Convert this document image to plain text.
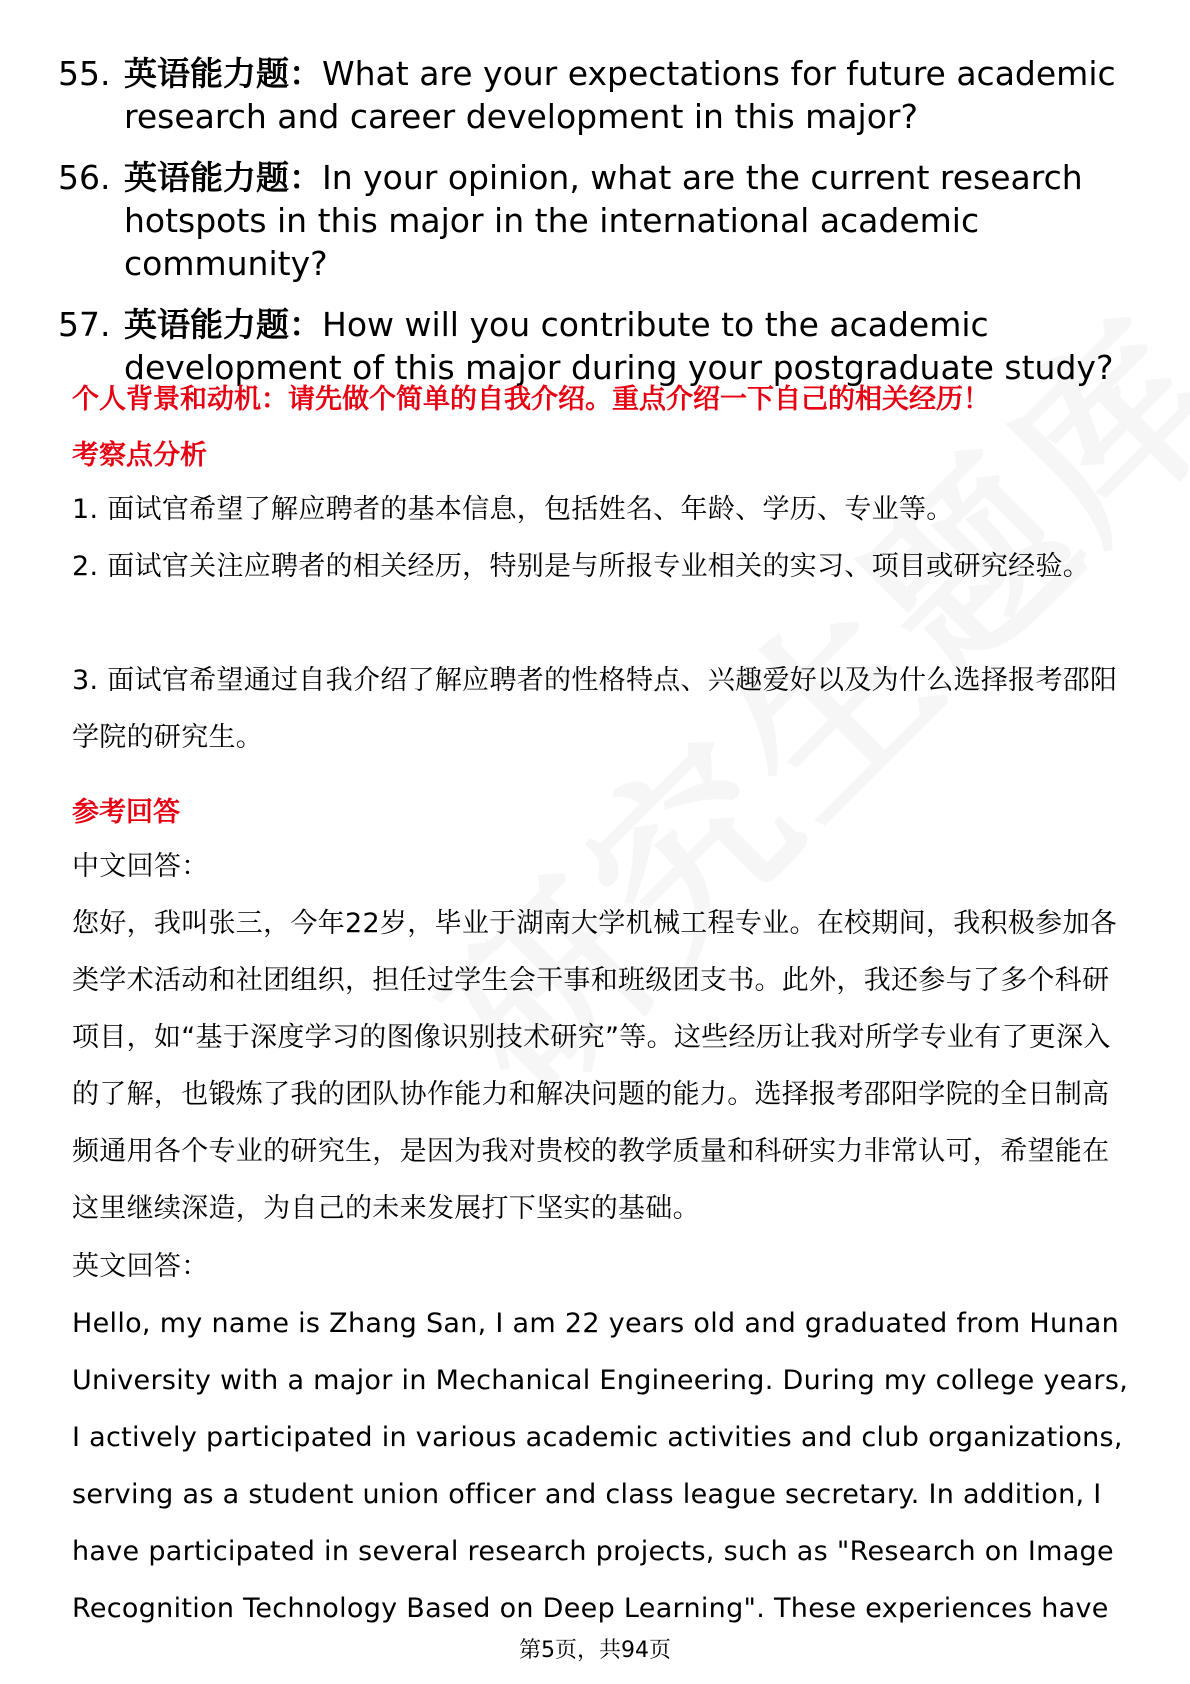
55. 英语能力题：What are your expectations for future academic research and career development in this major?
56. 英语能力题：In your opinion, what are the current research hotspots in this major in the international academic community?
57. 英语能力题：How will you contribute to the academic development of this major during your postgraduate study?
个人背景和动机：请先做个简单的自我介绍。重点介绍一下自己的相关经历！
考察点分析
1. 面试官希望了解应聘者的基本信息，包括姓名、年龄、学历、专业等。
2. 面试官关注应聘者的相关经历，特别是与所报专业相关的实习、项目或研究经验。
3. 面试官希望通过自我介绍了解应聘者的性格特点、兴趣爱好以及为什么选择报考邵阳学院的研究生。
参考回答
中文回答：
您好，我叫张三，今年22岁，毕业于湖南大学机械工程专业。在校期间，我积极参加各类学术活动和社团组织，担任过学生会干事和班级团支书。此外，我还参与了多个科研项目，如“基于深度学习的图像识别技术研究”等。这些经历让我对所学专业有了更深入的了解，也锻炼了我的团队协作能力和解决问题的能力。选择报考邵阳学院的全日制高频通用各个专业的研究生，是因为我对贵校的教学质量和科研实力非常认可，希望能在这里继续深造，为自己的未来发展打下坚实的基础。
英文回答：
Hello, my name is Zhang San, I am 22 years old and graduated from Hunan University with a major in Mechanical Engineering. During my college years, I actively participated in various academic activities and club organizations, serving as a student union officer and class league secretary. In addition, I have participated in several research projects, such as "Research on Image Recognition Technology Based on Deep Learning". These experiences have
第5页，共94页
